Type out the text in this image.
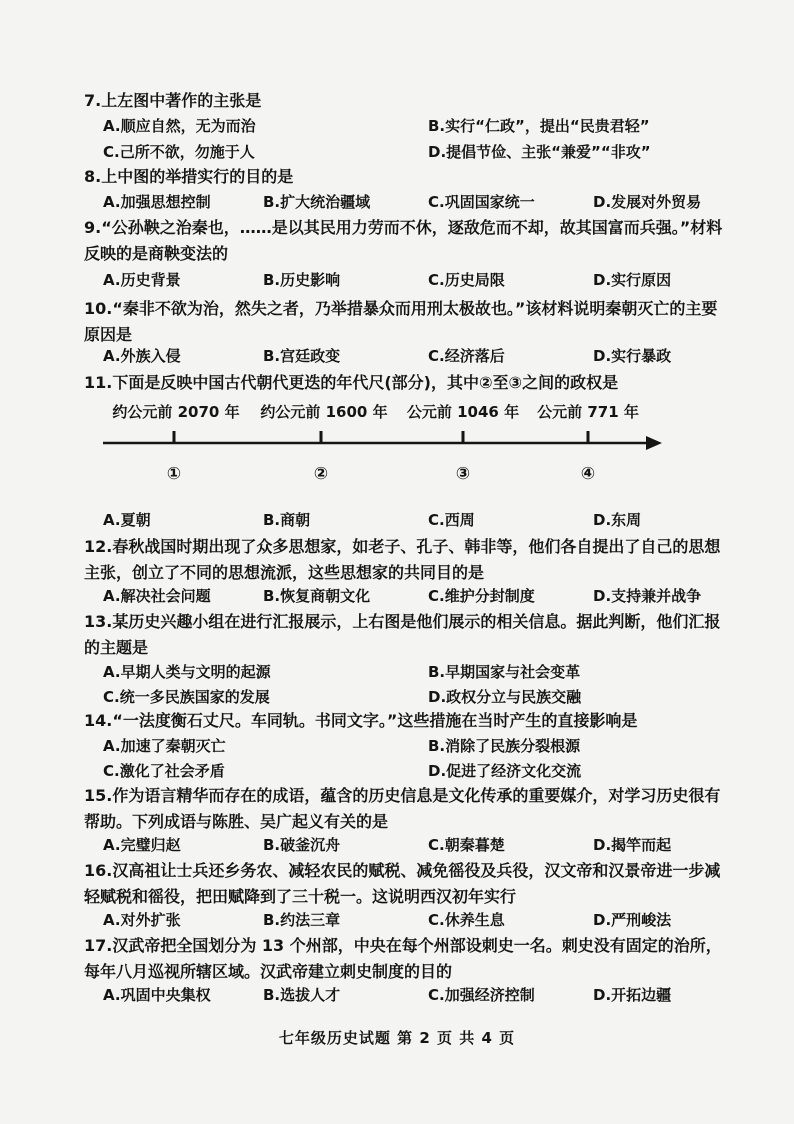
7.上左图中著作的主张是
A.顺应自然，无为而治	B.实行“仁政”，提出“民贵君轻”
C.己所不欲，勿施于人	D.提倡节俭、主张“兼爱”“非攻”
8.上中图的举措实行的目的是
A.加强思想控制	B.扩大统治疆域	C.巩固国家统一	D.发展对外贸易
9.“公孙鞅之治秦也，……是以其民用力劳而不休，逐敌危而不却，故其国富而兵强。”材料反映的是商鞅变法的
A.历史背景	B.历史影响	C.历史局限	D.实行原因
10.“秦非不欲为治，然失之者，乃举措暴众而用刑太极故也。”该材料说明秦朝灭亡的主要原因是
A.外族入侵	B.宫廷政变	C.经济落后	D.实行暴政
11.下面是反映中国古代朝代更迭的年代尺(部分)，其中②至③之间的政权是
约公元前 2070 年 约公元前 1600 年 公元前 1046 年 公元前 771 年
①	②	③	④
A.夏朝	B.商朝	C.西周	D.东周
12.春秋战国时期出现了众多思想家，如老子、孔子、韩非等，他们各自提出了自己的思想主张，创立了不同的思想流派，这些思想家的共同目的是
A.解决社会问题	B.恢复商朝文化	C.维护分封制度	D.支持兼并战争
13.某历史兴趣小组在进行汇报展示，上右图是他们展示的相关信息。据此判断，他们汇报的主题是
A.早期人类与文明的起源	B.早期国家与社会变革
C.统一多民族国家的发展	D.政权分立与民族交融
14.“一法度衡石丈尺。车同轨。书同文字。”这些措施在当时产生的直接影响是
A.加速了秦朝灭亡	B.消除了民族分裂根源
C.激化了社会矛盾	D.促进了经济文化交流
15.作为语言精华而存在的成语，蕴含的历史信息是文化传承的重要媒介，对学习历史很有帮助。下列成语与陈胜、吴广起义有关的是
A.完璧归赵	B.破釜沉舟	C.朝秦暮楚	D.揭竿而起
16.汉高祖让士兵还乡务农、减轻农民的赋税、减免徭役及兵役，汉文帝和汉景帝进一步减轻赋税和徭役，把田赋降到了三十税一。这说明西汉初年实行
A.对外扩张	B.约法三章	C.休养生息	D.严刑峻法
17.汉武帝把全国划分为 13 个州部，中央在每个州部设刺史一名。刺史没有固定的治所，每年八月巡视所辖区域。汉武帝建立刺史制度的目的
A.巩固中央集权	B.选拔人才	C.加强经济控制	D.开拓边疆
七年级历史试题 第 2 页 共 4 页
